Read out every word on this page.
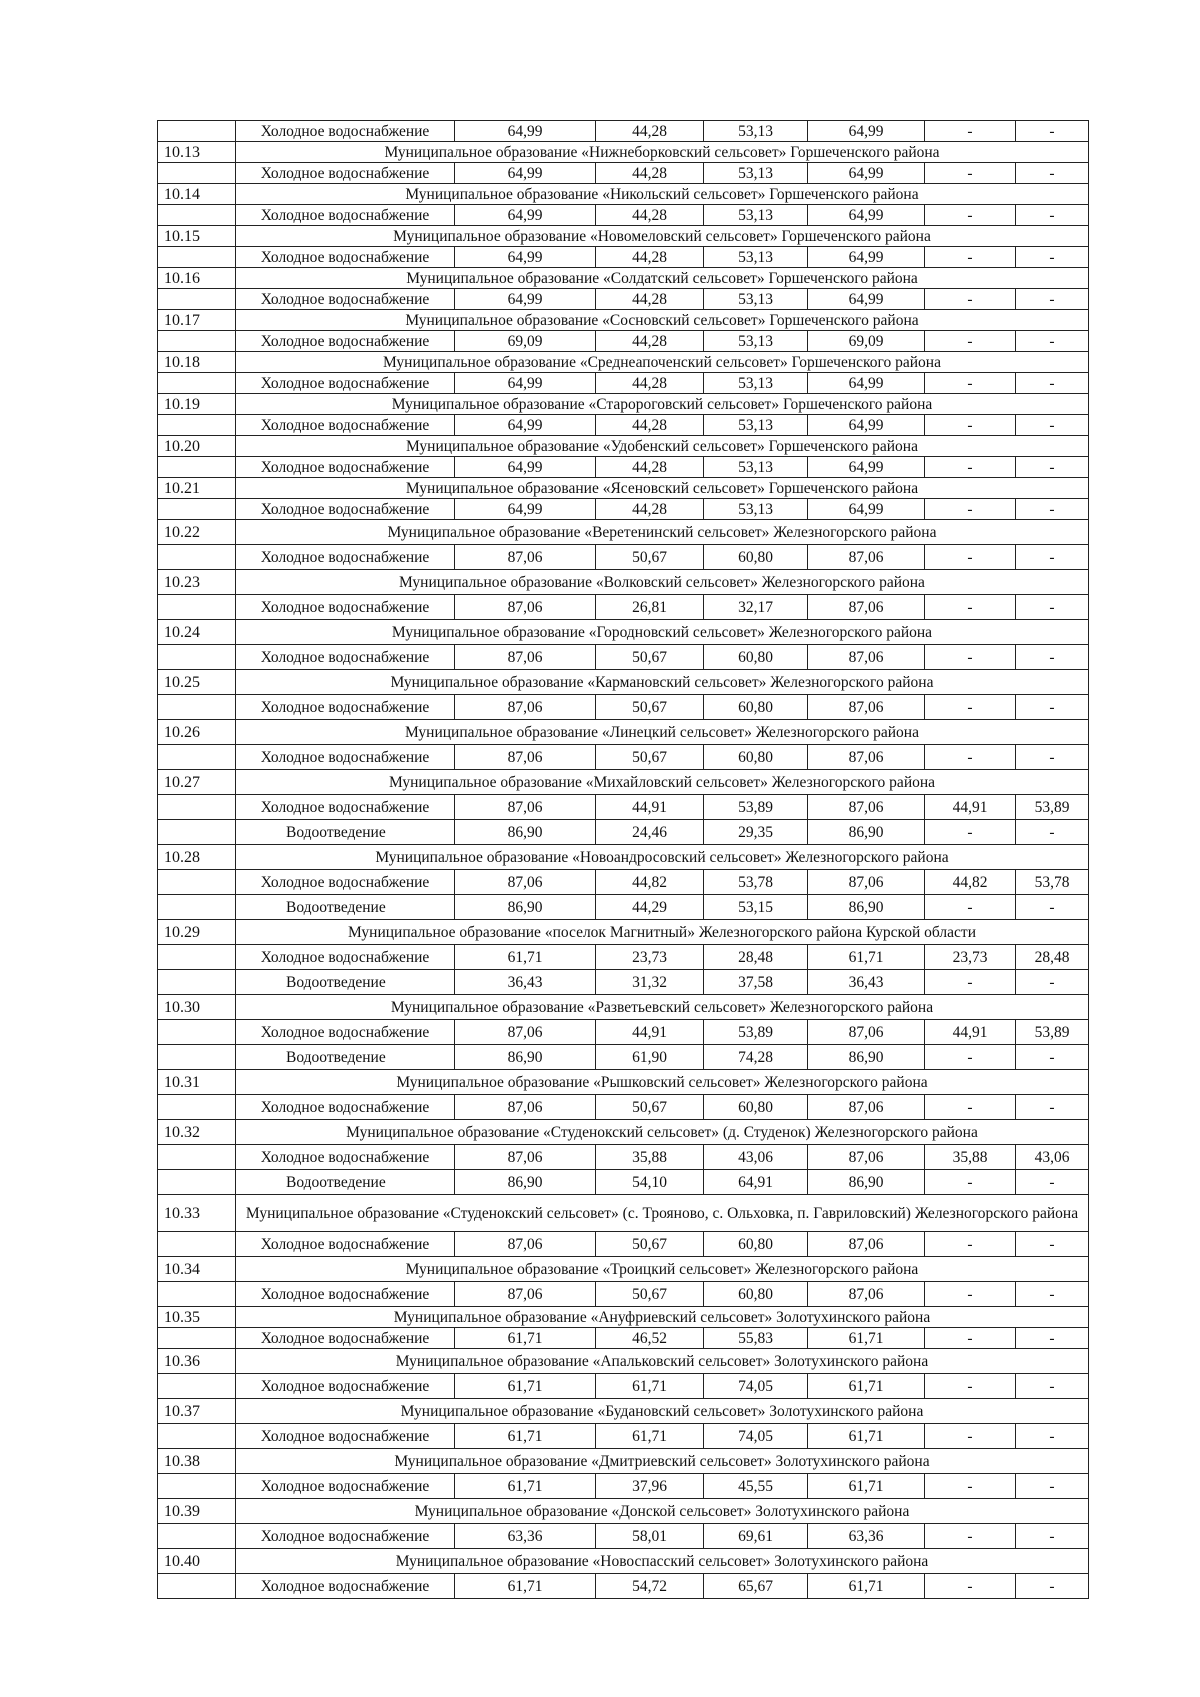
	Холодное водоснабжение	64,99	44,28	53,13	64,99	-	-
10.13	Муниципальное образование «Нижнеборковский сельсовет» Горшеченского района						
	Холодное водоснабжение	64,99	44,28	53,13	64,99	-	-
10.14	Муниципальное образование «Никольский сельсовет» Горшеченского района						
	Холодное водоснабжение	64,99	44,28	53,13	64,99	-	-
10.15	Муниципальное образование «Новомеловский сельсовет» Горшеченского района						
	Холодное водоснабжение	64,99	44,28	53,13	64,99	-	-
10.16	Муниципальное образование «Солдатский сельсовет» Горшеченского района						
	Холодное водоснабжение	64,99	44,28	53,13	64,99	-	-
10.17	Муниципальное образование «Сосновский сельсовет» Горшеченского района						
	Холодное водоснабжение	69,09	44,28	53,13	69,09	-	-
10.18	Муниципальное образование «Среднеапоченский сельсовет» Горшеченского района						
	Холодное водоснабжение	64,99	44,28	53,13	64,99	-	-
10.19	Муниципальное образование «Старороговский сельсовет» Горшеченского района						
	Холодное водоснабжение	64,99	44,28	53,13	64,99	-	-
10.20	Муниципальное образование «Удобенский сельсовет» Горшеченского района						
	Холодное водоснабжение	64,99	44,28	53,13	64,99	-	-
10.21	Муниципальное образование «Ясеновский сельсовет» Горшеченского района						
	Холодное водоснабжение	64,99	44,28	53,13	64,99	-	-
10.22	Муниципальное образование «Веретенинский сельсовет» Железногорского района						
	Холодное водоснабжение	87,06	50,67	60,80	87,06	-	-
10.23	Муниципальное образование «Волковский сельсовет» Железногорского района						
	Холодное водоснабжение	87,06	26,81	32,17	87,06	-	-
10.24	Муниципальное образование «Городновский сельсовет» Железногорского района						
	Холодное водоснабжение	87,06	50,67	60,80	87,06	-	-
10.25	Муниципальное образование «Кармановский сельсовет» Железногорского района						
	Холодное водоснабжение	87,06	50,67	60,80	87,06	-	-
10.26	Муниципальное образование «Линецкий сельсовет» Железногорского района						
	Холодное водоснабжение	87,06	50,67	60,80	87,06	-	-
10.27	Муниципальное образование «Михайловский сельсовет» Железногорского района						
	Холодное водоснабжение	87,06	44,91	53,89	87,06	44,91	53,89
	Водоотведение	86,90	24,46	29,35	86,90	-	-
10.28	Муниципальное образование «Новоандросовский сельсовет» Железногорского района						
	Холодное водоснабжение	87,06	44,82	53,78	87,06	44,82	53,78
	Водоотведение	86,90	44,29	53,15	86,90	-	-
10.29	Муниципальное образование «поселок Магнитный» Железногорского района Курской области						
	Холодное водоснабжение	61,71	23,73	28,48	61,71	23,73	28,48
	Водоотведение	36,43	31,32	37,58	36,43	-	-
10.30	Муниципальное образование «Разветьевский сельсовет» Железногорского района						
	Холодное водоснабжение	87,06	44,91	53,89	87,06	44,91	53,89
	Водоотведение	86,90	61,90	74,28	86,90	-	-
10.31	Муниципальное образование «Рышковский сельсовет» Железногорского района						
	Холодное водоснабжение	87,06	50,67	60,80	87,06	-	-
10.32	Муниципальное образование «Студенокский сельсовет» (д. Студенок) Железногорского района						
	Холодное водоснабжение	87,06	35,88	43,06	87,06	35,88	43,06
	Водоотведение	86,90	54,10	64,91	86,90	-	-
10.33	Муниципальное образование «Студенокский сельсовет» (с. Трояново, с. Ольховка, п. Гавриловский) Железногорского района						
	Холодное водоснабжение	87,06	50,67	60,80	87,06	-	-
10.34	Муниципальное образование «Троицкий сельсовет» Железногорского района						
	Холодное водоснабжение	87,06	50,67	60,80	87,06	-	-
10.35	Муниципальное образование «Ануфриевский сельсовет» Золотухинского района						
	Холодное водоснабжение	61,71	46,52	55,83	61,71	-	-
10.36	Муниципальное образование «Апальковский сельсовет» Золотухинского района						
	Холодное водоснабжение	61,71	61,71	74,05	61,71	-	-
10.37	Муниципальное образование «Будановский сельсовет» Золотухинского района						
	Холодное водоснабжение	61,71	61,71	74,05	61,71	-	-
10.38	Муниципальное образование «Дмитриевский сельсовет» Золотухинского района						
	Холодное водоснабжение	61,71	37,96	45,55	61,71	-	-
10.39	Муниципальное образование «Донской сельсовет» Золотухинского района						
	Холодное водоснабжение	63,36	58,01	69,61	63,36	-	-
10.40	Муниципальное образование «Новоспасский сельсовет» Золотухинского района						
	Холодное водоснабжение	61,71	54,72	65,67	61,71	-	-
